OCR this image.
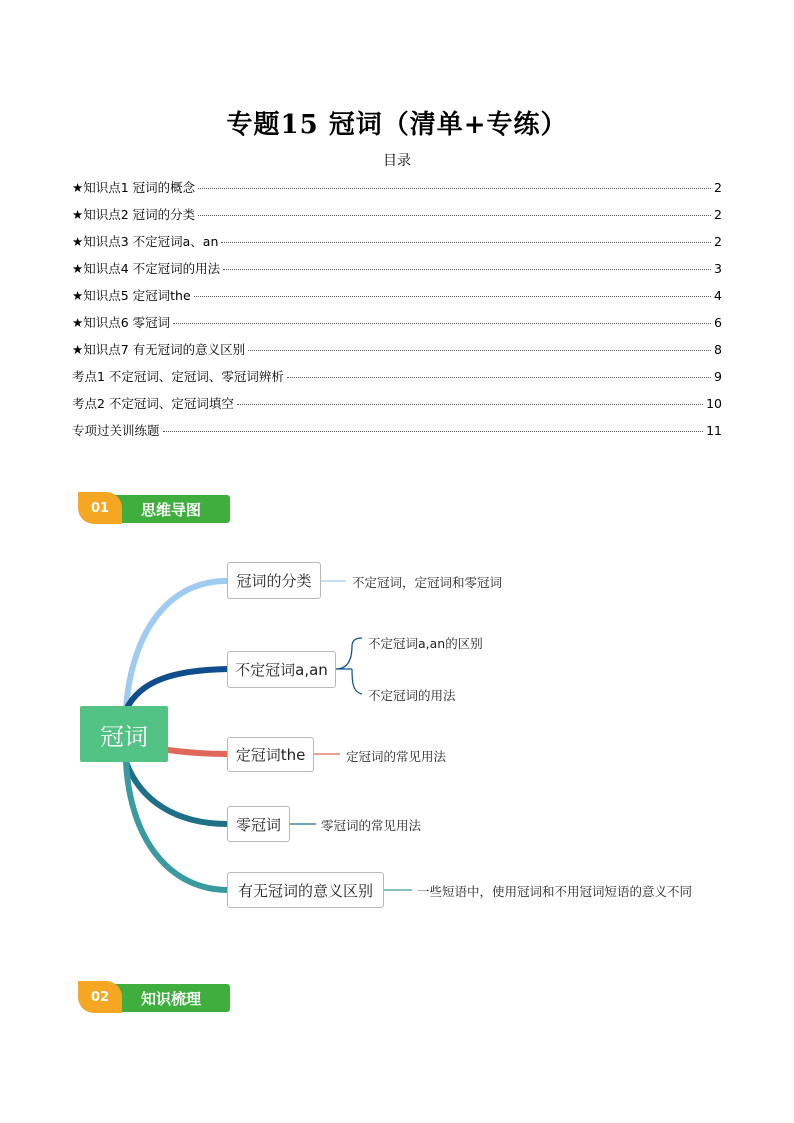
专题15 冠词（清单+专练）
目录
★知识点1 冠词的概念	2
★知识点2 冠词的分类	2
★知识点3 不定冠词a、an	2
★知识点4 不定冠词的用法	3
★知识点5 定冠词the	4
★知识点6 零冠词	6
★知识点7 有无冠词的意义区别	8
考点1 不定冠词、定冠词、零冠词辨析	9
考点2 不定冠词、定冠词填空	10
专项过关训练题	11
01	思维导图
冠词
冠词的分类
不定冠词a,an
定冠词the
零冠词
有无冠词的意义区别
不定冠词，定冠词和零冠词
不定冠词a,an的区别
不定冠词的用法
定冠词的常见用法
零冠词的常见用法
一些短语中，使用冠词和不用冠词短语的意义不同
02	知识梳理
